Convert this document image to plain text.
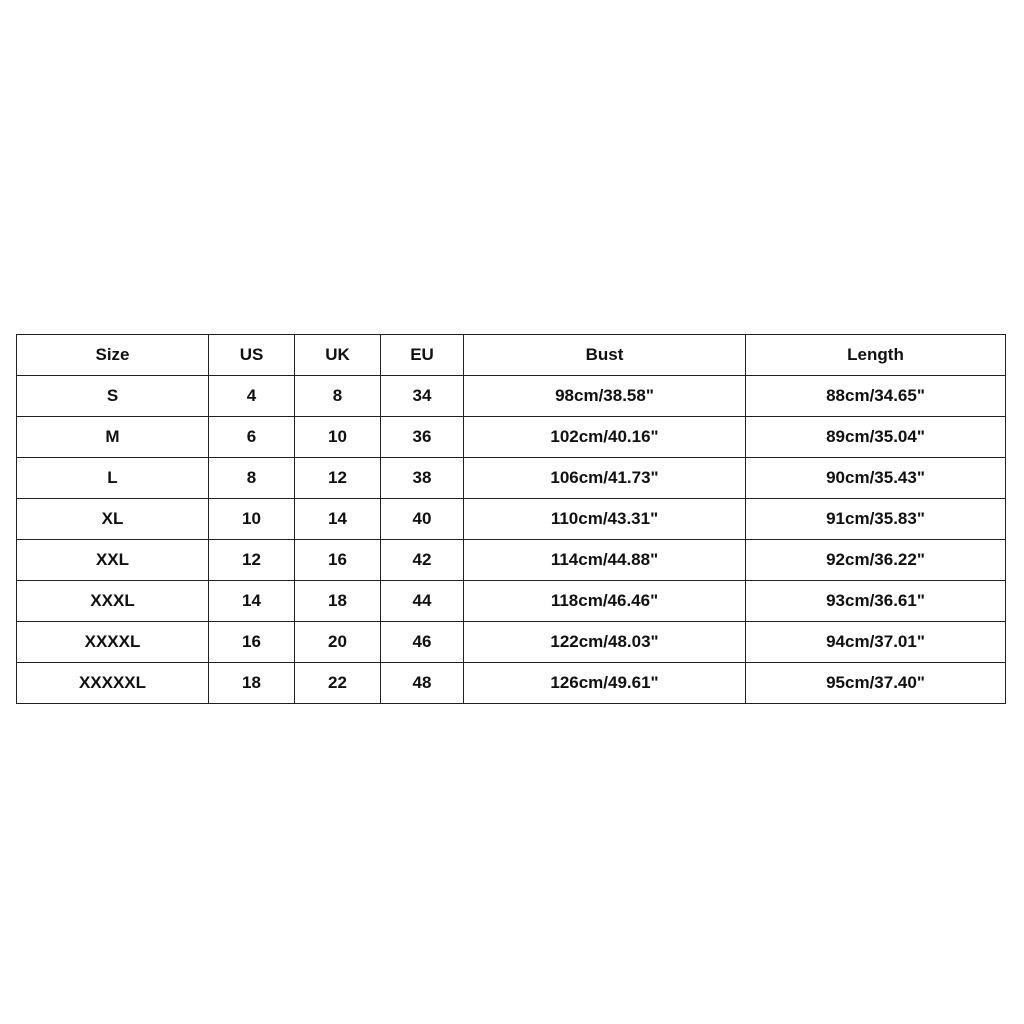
Size	US	UK	EU	Bust	Length
S	4	8	34	98cm/38.58"	88cm/34.65"
M	6	10	36	102cm/40.16"	89cm/35.04"
L	8	12	38	106cm/41.73"	90cm/35.43"
XL	10	14	40	110cm/43.31"	91cm/35.83"
XXL	12	16	42	114cm/44.88"	92cm/36.22"
XXXL	14	18	44	118cm/46.46"	93cm/36.61"
XXXXL	16	20	46	122cm/48.03"	94cm/37.01"
XXXXXL	18	22	48	126cm/49.61"	95cm/37.40"
